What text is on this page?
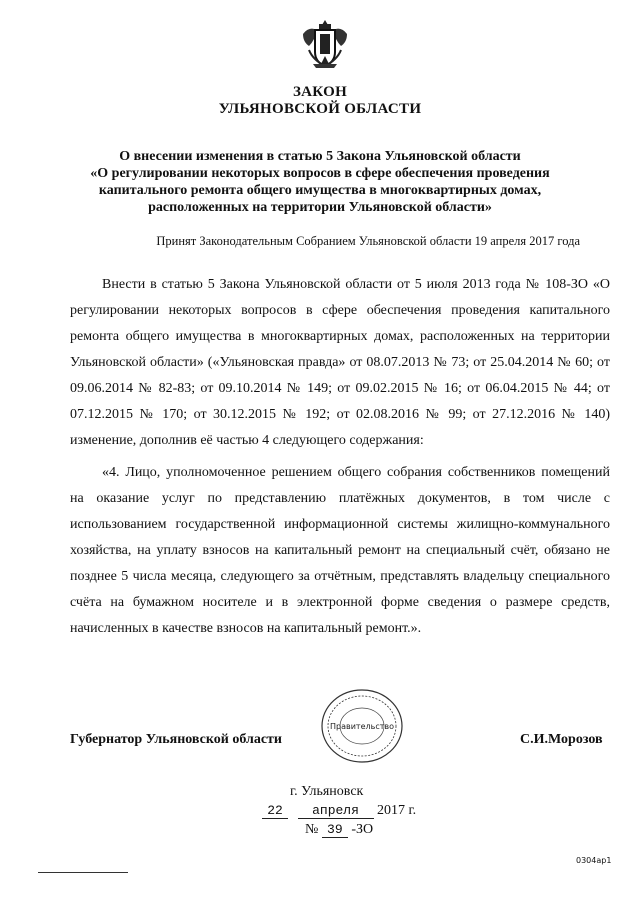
ЗАКОН
УЛЬЯНОВСКОЙ ОБЛАСТИ
О внесении изменения в статью 5 Закона Ульяновской области
«О регулировании некоторых вопросов в сфере обеспечения проведения
капитального ремонта общего имущества в многоквартирных домах,
расположенных на территории Ульяновской области»
Принят Законодательным Собранием Ульяновской области 19 апреля 2017 года

Внести в статью 5 Закона Ульяновской области от 5 июля 2013 года № 108-ЗО «О регулировании некоторых вопросов в сфере обеспечения проведения капитального ремонта общего имущества в многоквартирных домах, расположенных на территории Ульяновской области» («Ульяновская правда» от 08.07.2013 № 73; от 25.04.2014 № 60; от 09.06.2014 № 82-83; от 09.10.2014 № 149; от 09.02.2015 № 16; от 06.04.2015 № 44; от 07.12.2015 № 170; от 30.12.2015 № 192; от 02.08.2016 № 99; от 27.12.2016 № 140) изменение, дополнив её частью 4 следующего содержания:

«4. Лицо, уполномоченное решением общего собрания собственников помещений на оказание услуг по представлению платёжных документов, в том числе с использованием государственной информационной системы жилищно-коммунального хозяйства, на уплату взносов на капитальный ремонт на специальный счёт, обязано не позднее 5 числа месяца, следующего за отчётным, представлять владельцу специального счёта на бумажном носителе и в электронной форме сведения о размере средств, начисленных в качестве взносов на капитальный ремонт.».

Правительство
Губернатор Ульяновской области	С.И.Морозов
г. Ульяновск
22 апреля 2017 г.
№ 39 -ЗО
0304ар1
